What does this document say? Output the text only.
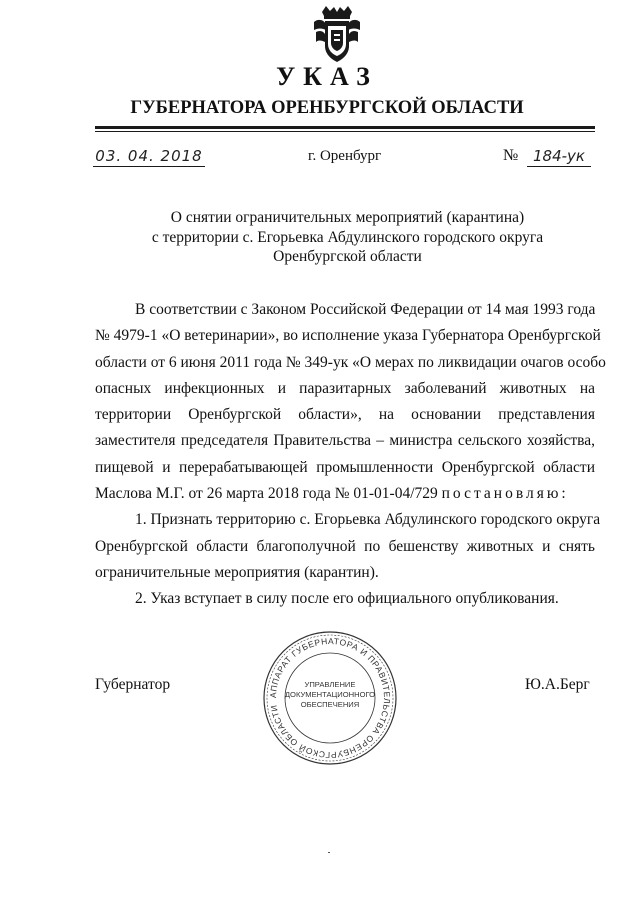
УКАЗ
ГУБЕРНАТОРА ОРЕНБУРГСКОЙ ОБЛАСТИ
03. 04. 2018	г. Оренбург	№ 184-ук
О снятии ограничительных мероприятий (карантина)
с территории с. Егорьевка Абдулинского городского округа
Оренбургской области
В соответствии с Законом Российской Федерации от 14 мая 1993 года
№ 4979-1 «О ветеринарии», во исполнение указа Губернатора Оренбургской
области от 6 июня 2011 года № 349-ук «О мерах по ликвидации очагов особо
опасных инфекционных и паразитарных заболеваний животных на
территории Оренбургской области», на основании представления
заместителя председателя Правительства – министра сельского хозяйства,
пищевой и перерабатывающей промышленности Оренбургской области
Маслова М.Г. от 26 марта 2018 года № 01-01-04/729 постановляю:
1. Признать территорию с. Егорьевка Абдулинского городского округа
Оренбургской области благополучной по бешенству животных и снять
ограничительные мероприятия (карантин).
2. Указ вступает в силу после его официального опубликования.
Губернатор	Ю.А.Берг
АППАРАТ ГУБЕРНАТОРА И ПРАВИТЕЛЬСТВА ОРЕНБУРГСКОЙ ОБЛАСТИ
УПРАВЛЕНИЕ
ДОКУМЕНТАЦИОННОГО
ОБЕСПЕЧЕНИЯ
